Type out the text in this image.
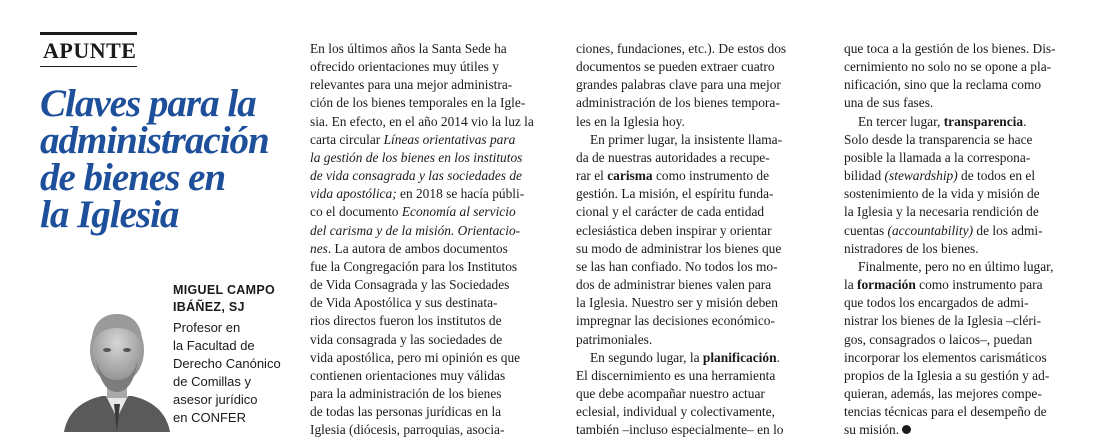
APUNTE
Claves para la
administración
de bienes en
la Iglesia
MIGUEL CAMPO
IBÁÑEZ, SJ
Profesor en
la Facultad de
Derecho Canónico
de Comillas y
asesor jurídico
en CONFER
En los últimos años la Santa Sede ha
ofrecido orientaciones muy útiles y
relevantes para una mejor administra-
ción de los bienes temporales en la Igle-
sia. En efecto, en el año 2014 vio la luz la
carta circular Líneas orientativas para
la gestión de los bienes en los institutos
de vida consagrada y las sociedades de
vida apostólica; en 2018 se hacía públi-
co el documento Economía al servicio
del carisma y de la misión. Orientacio-
nes. La autora de ambos documentos
fue la Congregación para los Institutos
de Vida Consagrada y las Sociedades
de Vida Apostólica y sus destinata-
rios directos fueron los institutos de
vida consagrada y las sociedades de
vida apostólica, pero mi opinión es que
contienen orientaciones muy válidas
para la administración de los bienes
de todas las personas jurídicas en la
Iglesia (diócesis, parroquias, asocia-
ciones, fundaciones, etc.). De estos dos
documentos se pueden extraer cuatro
grandes palabras clave para una mejor
administración de los bienes tempora-
les en la Iglesia hoy.
En primer lugar, la insistente llama-
da de nuestras autoridades a recupe-
rar el carisma como instrumento de
gestión. La misión, el espíritu funda-
cional y el carácter de cada entidad
eclesiástica deben inspirar y orientar
su modo de administrar los bienes que
se las han confiado. No todos los mo-
dos de administrar bienes valen para
la Iglesia. Nuestro ser y misión deben
impregnar las decisiones económico-
patrimoniales.
En segundo lugar, la planificación.
El discernimiento es una herramienta
que debe acompañar nuestro actuar
eclesial, individual y colectivamente,
también –incluso especialmente– en lo
que toca a la gestión de los bienes. Dis-
cernimiento no solo no se opone a pla-
nificación, sino que la reclama como
una de sus fases.
En tercer lugar, transparencia.
Solo desde la transparencia se hace
posible la llamada a la correspona-
bilidad (stewardship) de todos en el
sostenimiento de la vida y misión de
la Iglesia y la necesaria rendición de
cuentas (accountability) de los admi-
nistradores de los bienes.
Finalmente, pero no en último lugar,
la formación como instrumento para
que todos los encargados de admi-
nistrar los bienes de la Iglesia –cléri-
gos, consagrados o laicos–, puedan
incorporar los elementos carismáticos
propios de la Iglesia a su gestión y ad-
quieran, además, las mejores compe-
tencias técnicas para el desempeño de
su misión.
